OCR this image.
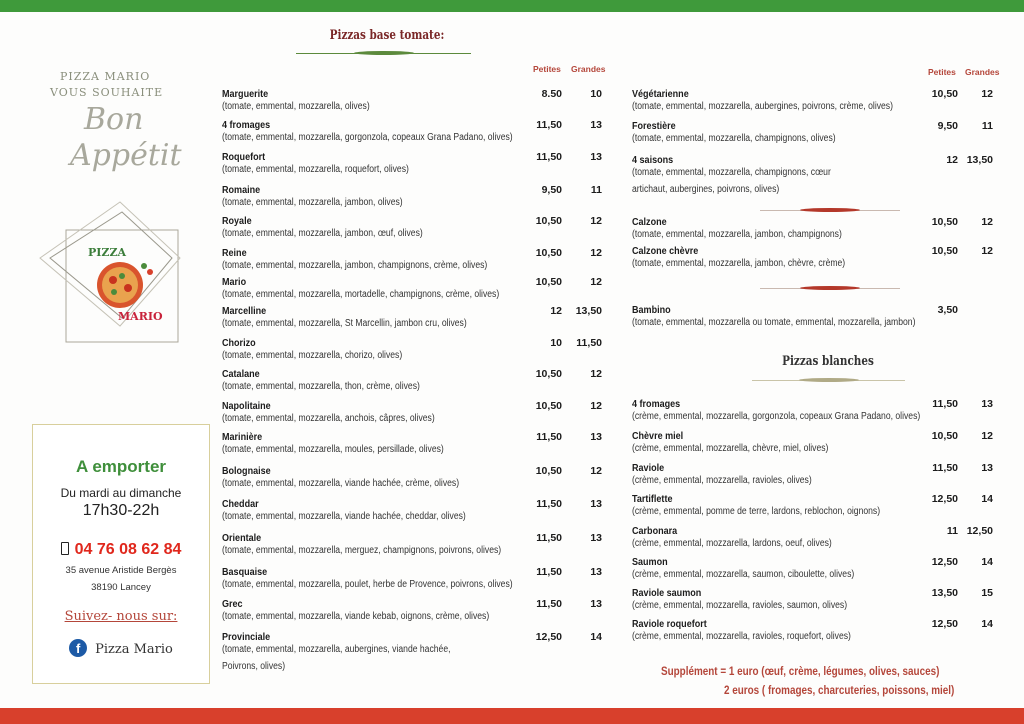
PIZZA MARIO
VOUS SOUHAITE
Bon
Appétit
PIZZA
MARIO
A emporter
Du mardi au dimanche
17h30-22h
04 76 08 62 84
35 avenue Aristide Bergès
38190 Lancey
Suivez- nous sur:
f Pizza Mario
Pizzas base tomate:
Petites Grandes	Petites Grandes
Pizzas blanches
Marguerite
(tomate, emmental, mozzarella, olives)
8.50	10
4 fromages
(tomate, emmental, mozzarella, gorgonzola, copeaux Grana Padano, olives)
11,50	13
Roquefort
(tomate, emmental, mozzarella, roquefort, olives)
11,50	13
Romaine
(tomate, emmental, mozzarella, jambon, olives)
9,50	11
Royale
(tomate, emmental, mozzarella, jambon, œuf, olives)
10,50	12
Reine
(tomate, emmental, mozzarella, jambon, champignons, crème, olives)
10,50	12
Mario
(tomate, emmental, mozzarella, mortadelle, champignons, crème, olives)
10,50	12
Marcelline
(tomate, emmental, mozzarella, St Marcellin, jambon cru, olives)
12	13,50
Chorizo
(tomate, emmental, mozzarella, chorizo, olives)
10	11,50
Catalane
(tomate, emmental, mozzarella, thon, crème, olives)
10,50	12
Napolitaine
(tomate, emmental, mozzarella, anchois, câpres, olives)
10,50	12
Marinière
(tomate, emmental, mozzarella, moules, persillade, olives)
11,50	13
Bolognaise
(tomate, emmental, mozzarella, viande hachée, crème, olives)
10,50	12
Cheddar
(tomate, emmental, mozzarella, viande hachée, cheddar, olives)
11,50	13
Orientale
(tomate, emmental, mozzarella, merguez, champignons, poivrons, olives)
11,50	13
Basquaise
(tomate, emmental, mozzarella, poulet, herbe de Provence, poivrons, olives)
11,50	13
Grec
(tomate, emmental, mozzarella, viande kebab, oignons, crème, olives)
11,50	13
Provinciale
(tomate, emmental, mozzarella, aubergines, viande hachée,
Poivrons, olives)
12,50	14
Végétarienne
(tomate, emmental, mozzarella, aubergines, poivrons, crème, olives)
10,50	12
Forestière
(tomate, emmental, mozzarella, champignons, olives)
9,50	11
4 saisons
(tomate, emmental, mozzarella, champignons, cœur
artichaut, aubergines, poivrons, olives)
12 13,50
Calzone
(tomate, emmental, mozzarella, jambon, champignons)
10,50	12
Calzone chèvre
(tomate, emmental, mozzarella, jambon, chèvre, crème)
10,50	12
Bambino
(tomate, emmental, mozzarella ou tomate, emmental, mozzarella, jambon)
3,50
4 fromages
(crème, emmental, mozzarella, gorgonzola, copeaux Grana Padano, olives)
11,50	13
Chèvre miel
(crème, emmental, mozzarella, chèvre, miel, olives)
10,50	12
Raviole
(crème, emmental, mozzarella, ravioles, olives)
11,50	13
Tartiflette
(crème, emmental, pomme de terre, lardons, reblochon, oignons)
12,50	14
Carbonara
(crème, emmental, mozzarella, lardons, oeuf, olives)
11 12,50
Saumon
(crème, emmental, mozzarella, saumon, ciboulette, olives)
12,50	14
Raviole saumon
(crème, emmental, mozzarella, ravioles, saumon, olives)
13,50	15
Raviole roquefort
(crème, emmental, mozzarella, ravioles, roquefort, olives)
12,50	14
Supplément = 1 euro (œuf, crème, légumes, olives, sauces)
2 euros ( fromages, charcuteries, poissons, miel)
